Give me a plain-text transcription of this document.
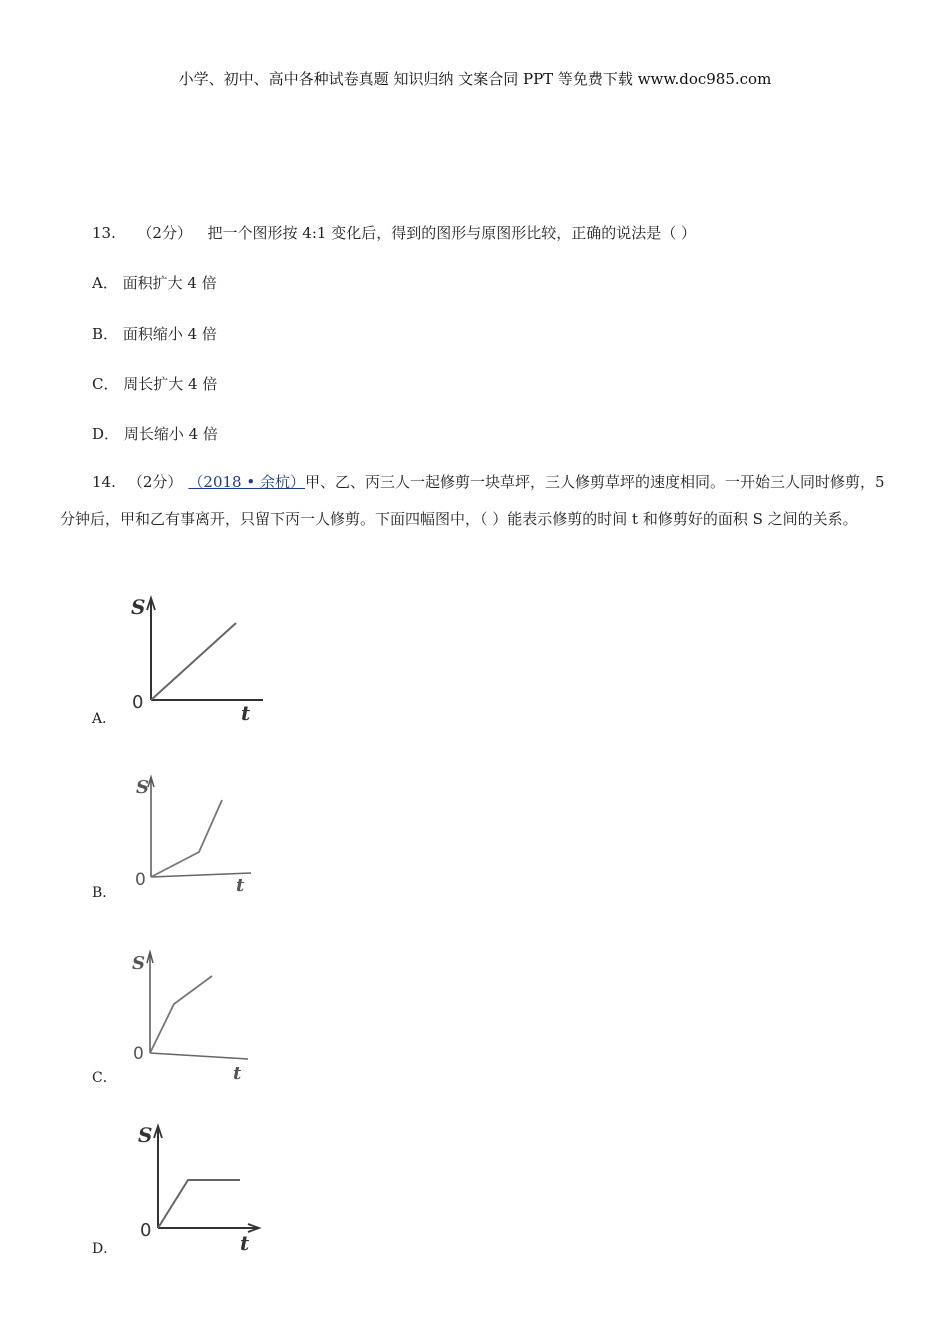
小学、初中、高中各种试卷真题 知识归纳 文案合同 PPT 等免费下载 www.doc985.com
13. （2分） 把一个图形按 4:1 变化后，得到的图形与原图形比较，正确的说法是（ ）
A． 面积扩大 4 倍
B． 面积缩小 4 倍
C． 周长扩大 4 倍
D． 周长缩小 4 倍
14. （2分） （2018 • 余杭）甲、乙、丙三人一起修剪一块草坪，三人修剪草坪的速度相同。一开始三人同时修剪，5 分钟后，甲和乙有事离开，只留下丙一人修剪。下面四幅图中，（ ）能表示修剪的时间 t 和修剪好的面积 S 之间的关系。
A．
S
t
0
B．
S
t
0
C．
S
t
0
D．
S
t
0
